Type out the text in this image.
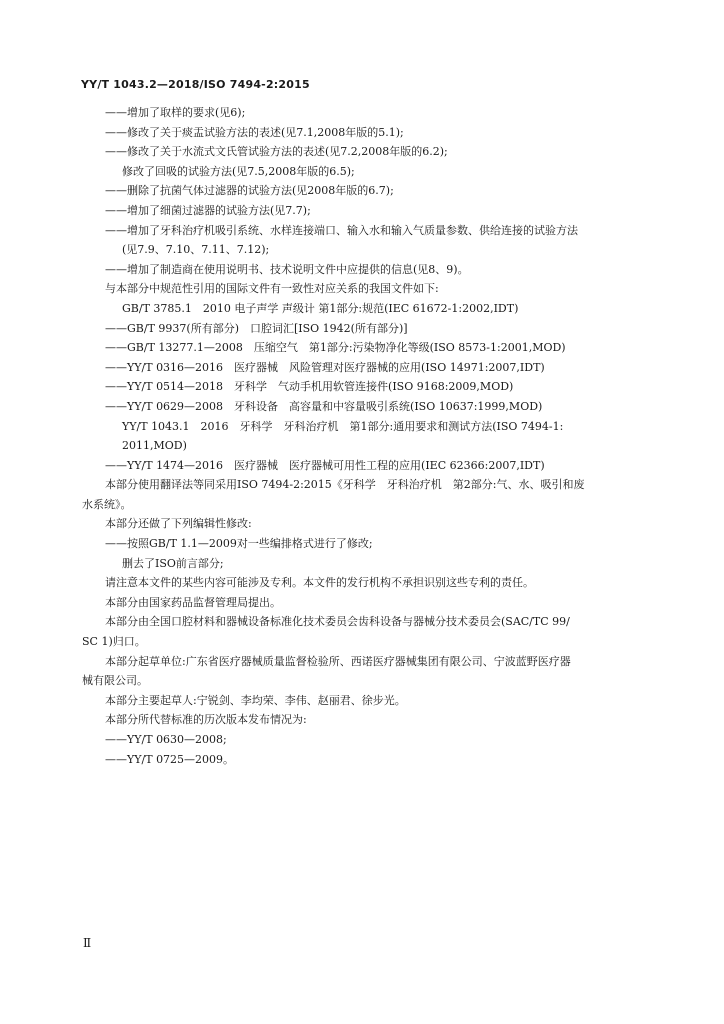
YY/T 1043.2—2018/ISO 7494-2:2015
——增加了取样的要求(见6);
——修改了关于痰盂试验方法的表述(见7.1,2008年版的5.1);
——修改了关于水流式文氏管试验方法的表述(见7.2,2008年版的6.2);
修改了回吸的试验方法(见7.5,2008年版的6.5);
——删除了抗菌气体过滤器的试验方法(见2008年版的6.7);
——增加了细菌过滤器的试验方法(见7.7);
——增加了牙科治疗机吸引系统、水样连接端口、输入水和输入气质量参数、供给连接的试验方法
(见7.9、7.10、7.11、7.12);
——增加了制造商在使用说明书、技术说明文件中应提供的信息(见8、9)。
与本部分中规范性引用的国际文件有一致性对应关系的我国文件如下:
GB/T 3785.1　2010 电子声学 声级计 第1部分:规范(IEC 61672-1:2002,IDT)
——GB/T 9937(所有部分)　口腔词汇[ISO 1942(所有部分)]
——GB/T 13277.1—2008　压缩空气　第1部分:污染物净化等级(ISO 8573-1:2001,MOD)
——YY/T 0316—2016　医疗器械　风险管理对医疗器械的应用(ISO 14971:2007,IDT)
——YY/T 0514—2018　牙科学　气动手机用软管连接件(ISO 9168:2009,MOD)
——YY/T 0629—2008　牙科设备　高容量和中容量吸引系统(ISO 10637:1999,MOD)
YY/T 1043.1　2016　牙科学　牙科治疗机　第1部分:通用要求和测试方法(ISO 7494-1:
2011,MOD)
——YY/T 1474—2016　医疗器械　医疗器械可用性工程的应用(IEC 62366:2007,IDT)
本部分使用翻译法等同采用ISO 7494-2:2015《牙科学　牙科治疗机　第2部分:气、水、吸引和废
水系统》。
本部分还做了下列编辑性修改:
——按照GB/T 1.1—2009对一些编排格式进行了修改;
删去了ISO前言部分;
请注意本文件的某些内容可能涉及专利。本文件的发行机构不承担识别这些专利的责任。
本部分由国家药品监督管理局提出。
本部分由全国口腔材料和器械设备标准化技术委员会齿科设备与器械分技术委员会(SAC/TC 99/
SC 1)归口。
本部分起草单位:广东省医疗器械质量监督检验所、西诺医疗器械集团有限公司、宁波蓝野医疗器
械有限公司。
本部分主要起草人:宁锐剑、李均荣、李伟、赵丽君、徐步光。
本部分所代替标准的历次版本发布情况为:
——YY/T 0630—2008;
——YY/T 0725—2009。
Ⅱ
